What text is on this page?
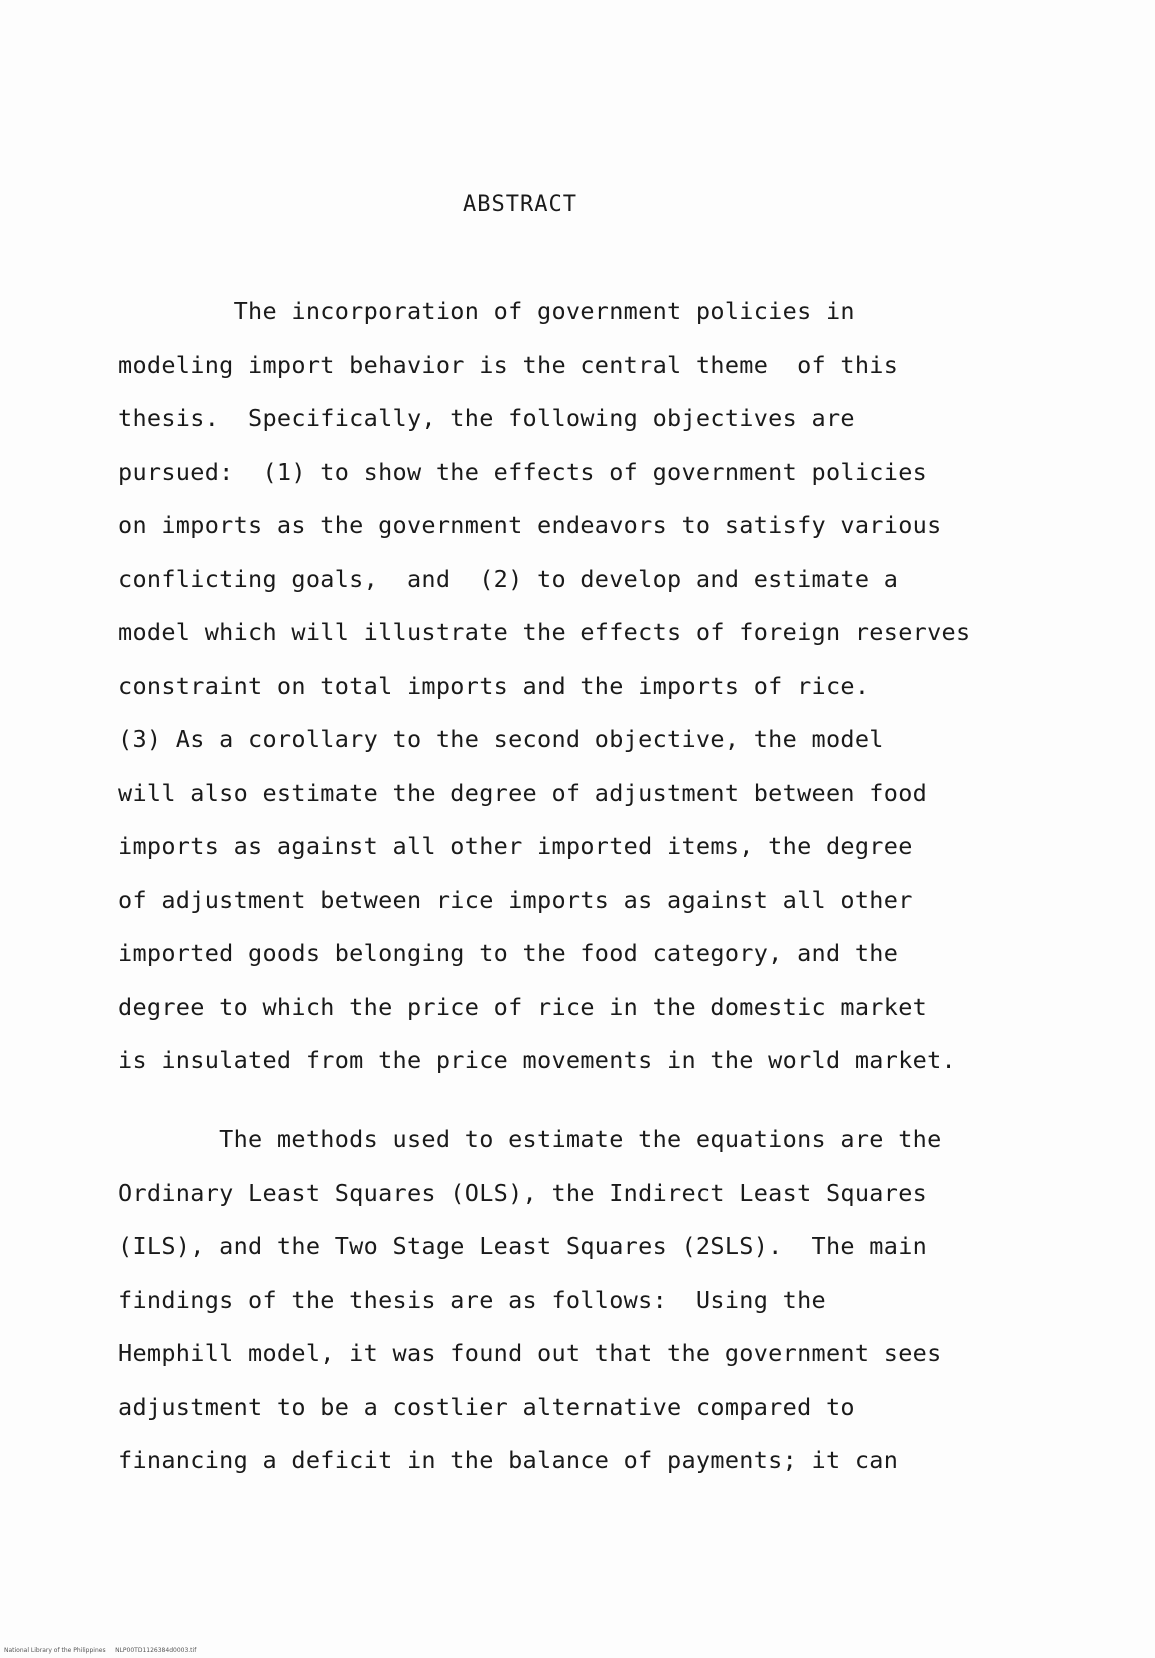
ABSTRACT
The incorporation of government policies in
modeling import behavior is the central theme  of this
thesis.  Specifically, the following objectives are
pursued:  (1) to show the effects of government policies
on imports as the government endeavors to satisfy various
conflicting goals,  and  (2) to develop and estimate a
model which will illustrate the effects of foreign reserves
constraint on total imports and the imports of rice.
(3) As a corollary to the second objective, the model
will also estimate the degree of adjustment between food
imports as against all other imported items, the degree
of adjustment between rice imports as against all other
imported goods belonging to the food category, and the
degree to which the price of rice in the domestic market
is insulated from the price movements in the world market.
The methods used to estimate the equations are the
Ordinary Least Squares (OLS), the Indirect Least Squares
(ILS), and the Two Stage Least Squares (2SLS).  The main
findings of the thesis are as follows:  Using the
Hemphill model, it was found out that the government sees
adjustment to be a costlier alternative compared to
financing a deficit in the balance of payments; it can
National Library of the Philippines     NLP00TD1126384d0003.tif
